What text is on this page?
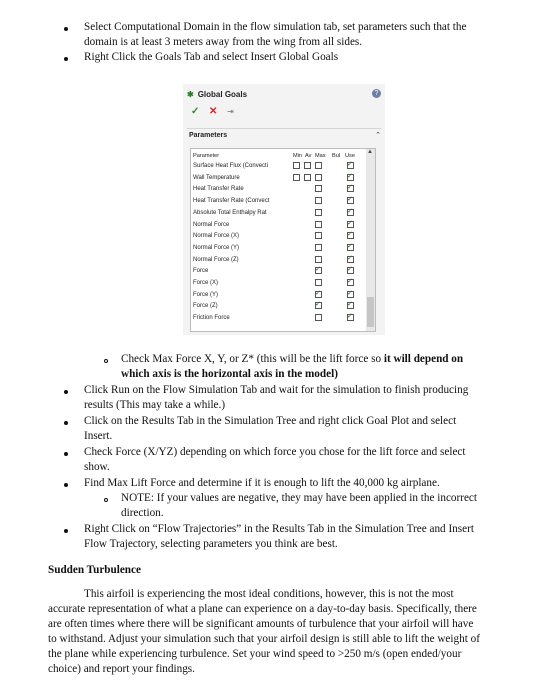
Select Computational Domain in the flow simulation tab, set parameters such that the
domain is at least 3 meters away from the wing from all sides.
Right Click the Goals Tab and select Insert Global Goals
✱ Global Goals	?
✓ ✕ ⇥
Parameters	⌃
Parameter	Min Av Max Bul Use
▲
Surface Heat Flux (Convecti
✓
Wall Temperature
✓
Heat Transfer Rate
✓
Heat Transfer Rate (Convect
✓
Absolute Total Enthalpy Rat
✓
Normal Force
✓
Normal Force (X)
✓
Normal Force (Y)
✓
Normal Force (Z)
✓
Force
✓
✓
Force (X)
✓
Force (Y)
✓
✓
Force (Z)
✓
✓
Friction Force
✓
Check Max Force X, Y, or Z* (this will be the lift force so it will depend on
which axis is the horizontal axis in the model)
Click Run on the Flow Simulation Tab and wait for the simulation to finish producing
results (This may take a while.)
Click on the Results Tab in the Simulation Tree and right click Goal Plot and select
Insert.
Check Force (X/YZ) depending on which force you chose for the lift force and select
show.
Find Max Lift Force and determine if it is enough to lift the 40,000 kg airplane.
NOTE: If your values are negative, they may have been applied in the incorrect
direction.
Right Click on “Flow Trajectories” in the Results Tab in the Simulation Tree and Insert
Flow Trajectory, selecting parameters you think are best.
Sudden Turbulence
This airfoil is experiencing the most ideal conditions, however, this is not the most
accurate representation of what a plane can experience on a day-to-day basis. Specifically, there
are often times where there will be significant amounts of turbulence that your airfoil will have
to withstand. Adjust your simulation such that your airfoil design is still able to lift the weight of
the plane while experiencing turbulence. Set your wind speed to >250 m/s (open ended/your
choice) and report your findings.
